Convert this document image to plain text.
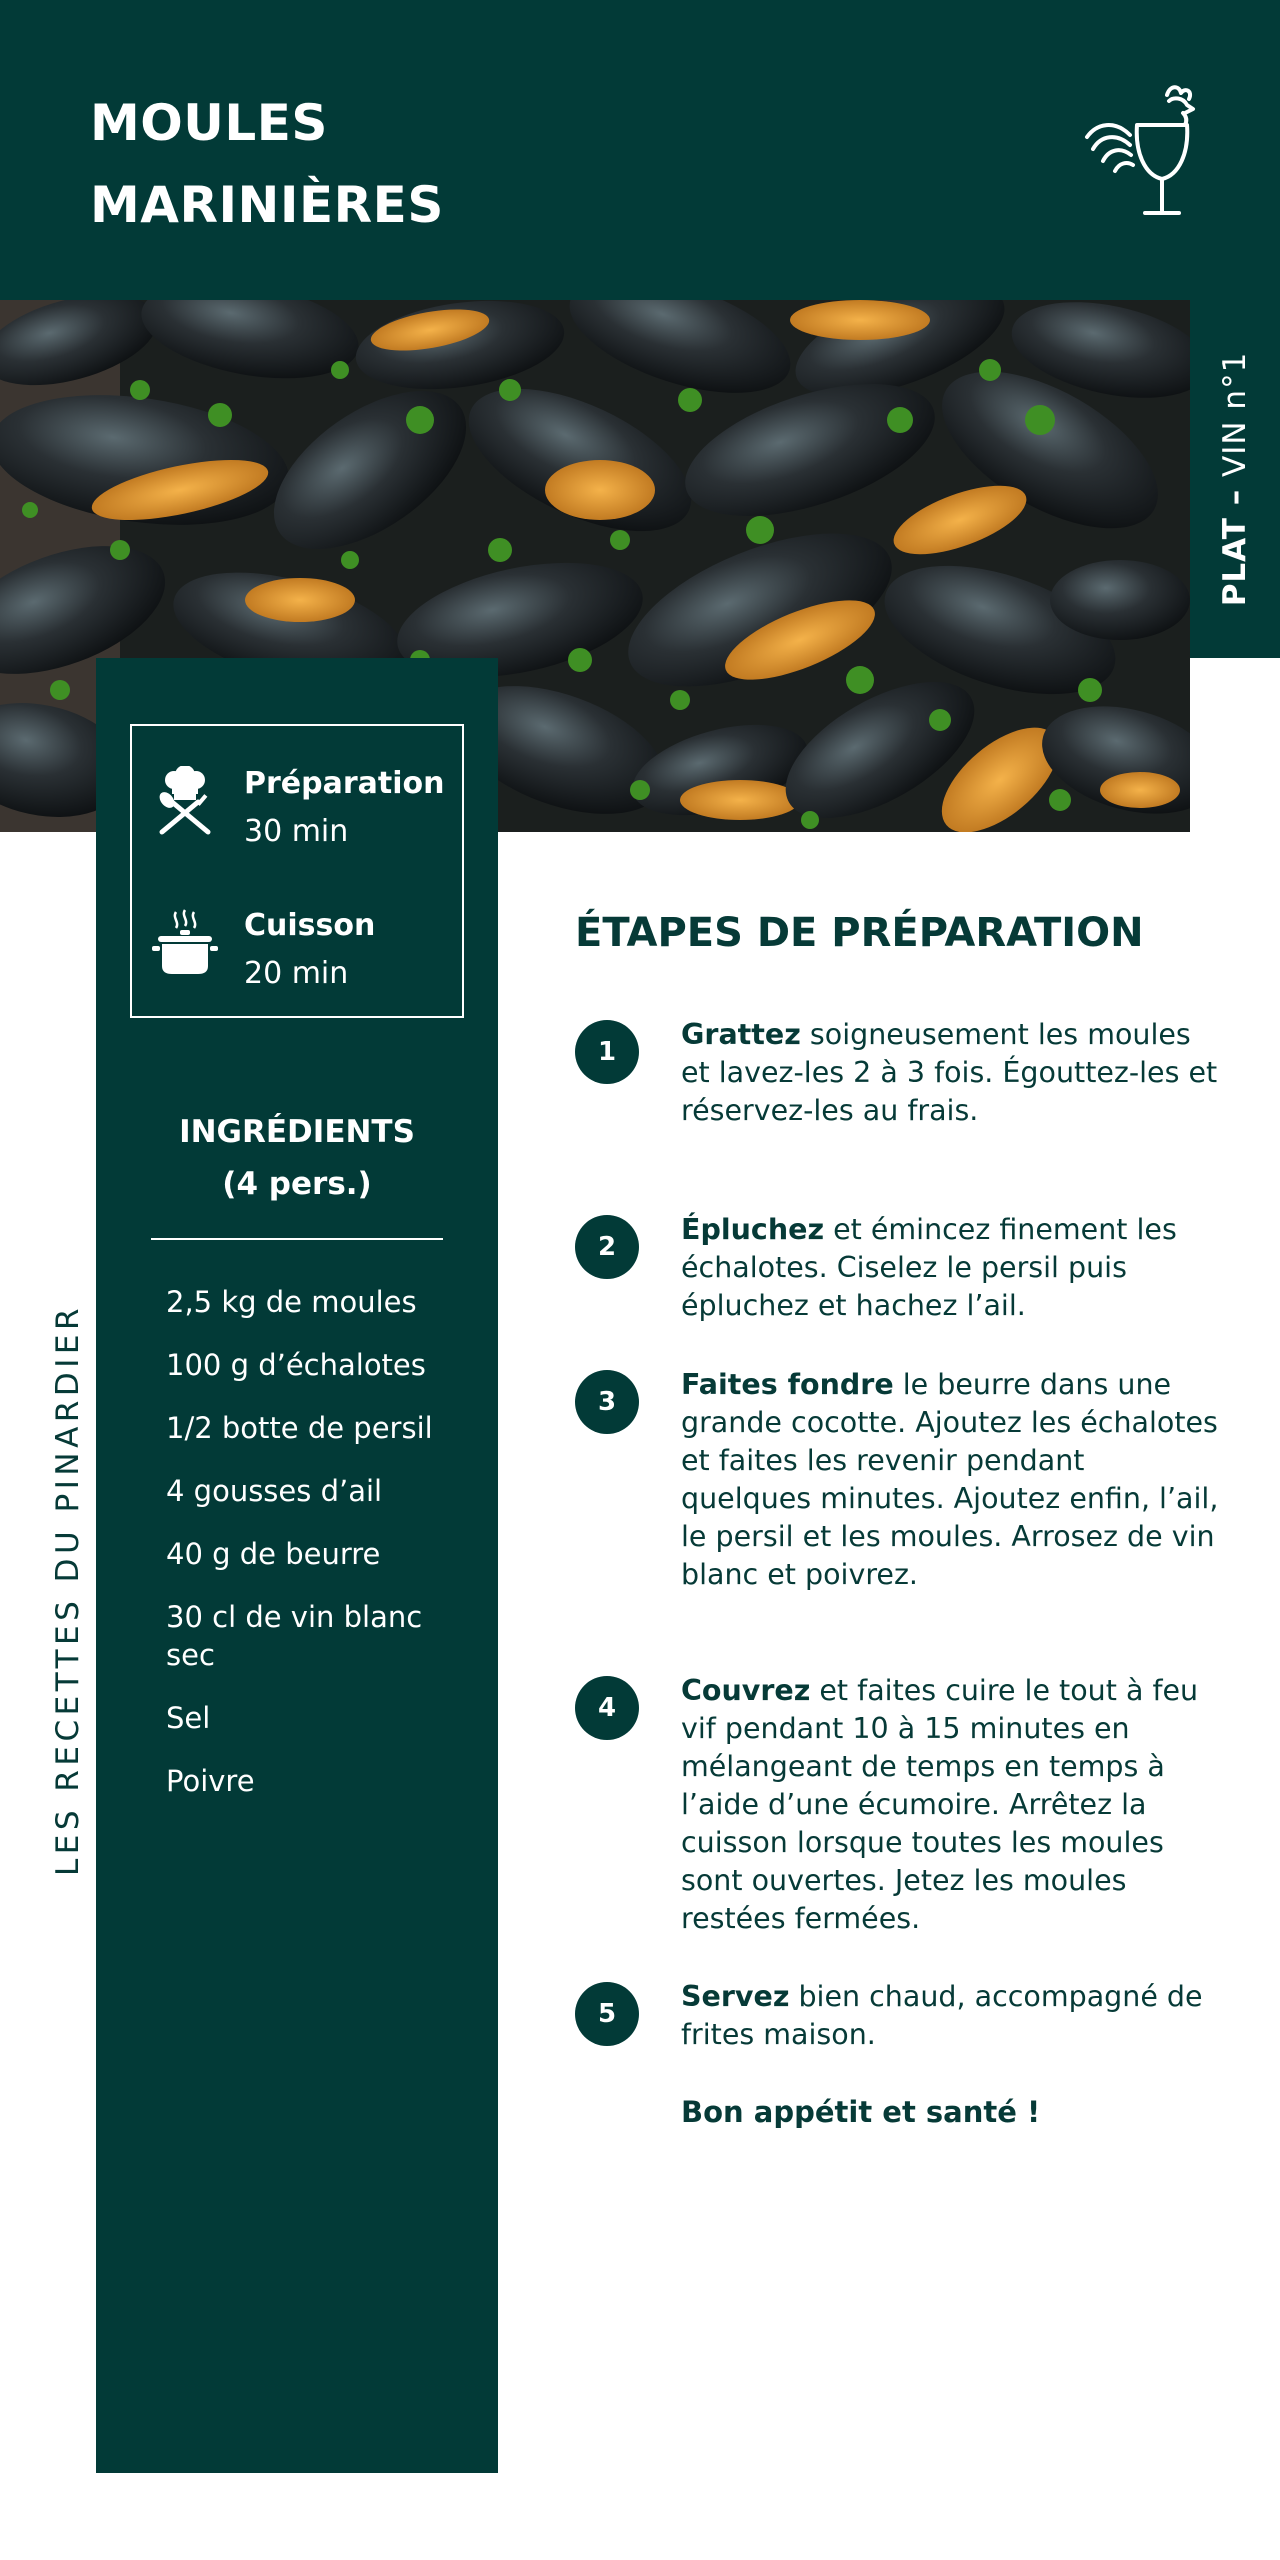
MOULES
MARINIÈRES
PLAT – VIN n°1
LES RECETTES DU PINARDIER
Préparation
30 min
Cuisson
20 min
INGRÉDIENTS
(4 pers.)
2,5 kg de moules
100 g d’échalotes
1/2 botte de persil
4 gousses d’ail
40 g de beurre
30 cl de vin blanc sec
Sel
Poivre
ÉTAPES DE PRÉPARATION
1
Grattez soigneusement les moules et lavez-les 2 à 3 fois. Égouttez-les et réservez-les au frais.
2
Épluchez et émincez finement les échalotes. Ciselez le persil puis épluchez et hachez l’ail.
3
Faites fondre le beurre dans une grande cocotte. Ajoutez les échalotes et faites les revenir pendant quelques minutes. Ajoutez enfin, l’ail, le persil et les moules. Arrosez de vin blanc et poivrez.
4
Couvrez et faites cuire le tout à feu vif pendant 10 à 15 minutes en mélangeant de temps en temps à l’aide d’une écumoire. Arrêtez la cuisson lorsque toutes les moules sont ouvertes. Jetez les moules restées fermées.
5
Servez bien chaud, accompagné de frites maison.
Bon appétit et santé !
